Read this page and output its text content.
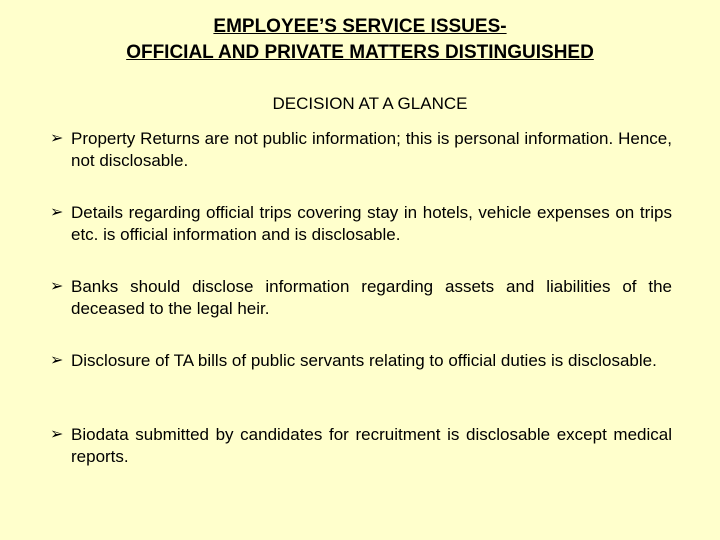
EMPLOYEE’S SERVICE ISSUES-
OFFICIAL AND PRIVATE MATTERS DISTINGUISHED
DECISION AT A GLANCE
➢ Property Returns are not public information; this is personal information. Hence, not disclosable.
➢ Details regarding official trips covering stay in hotels, vehicle expenses on trips etc. is official information and is disclosable.
➢ Banks should disclose information regarding assets and liabilities of the deceased to the legal heir.
➢ Disclosure of TA bills of public servants relating to official duties is disclosable.
➢ Biodata submitted by candidates for recruitment is disclosable except medical reports.
